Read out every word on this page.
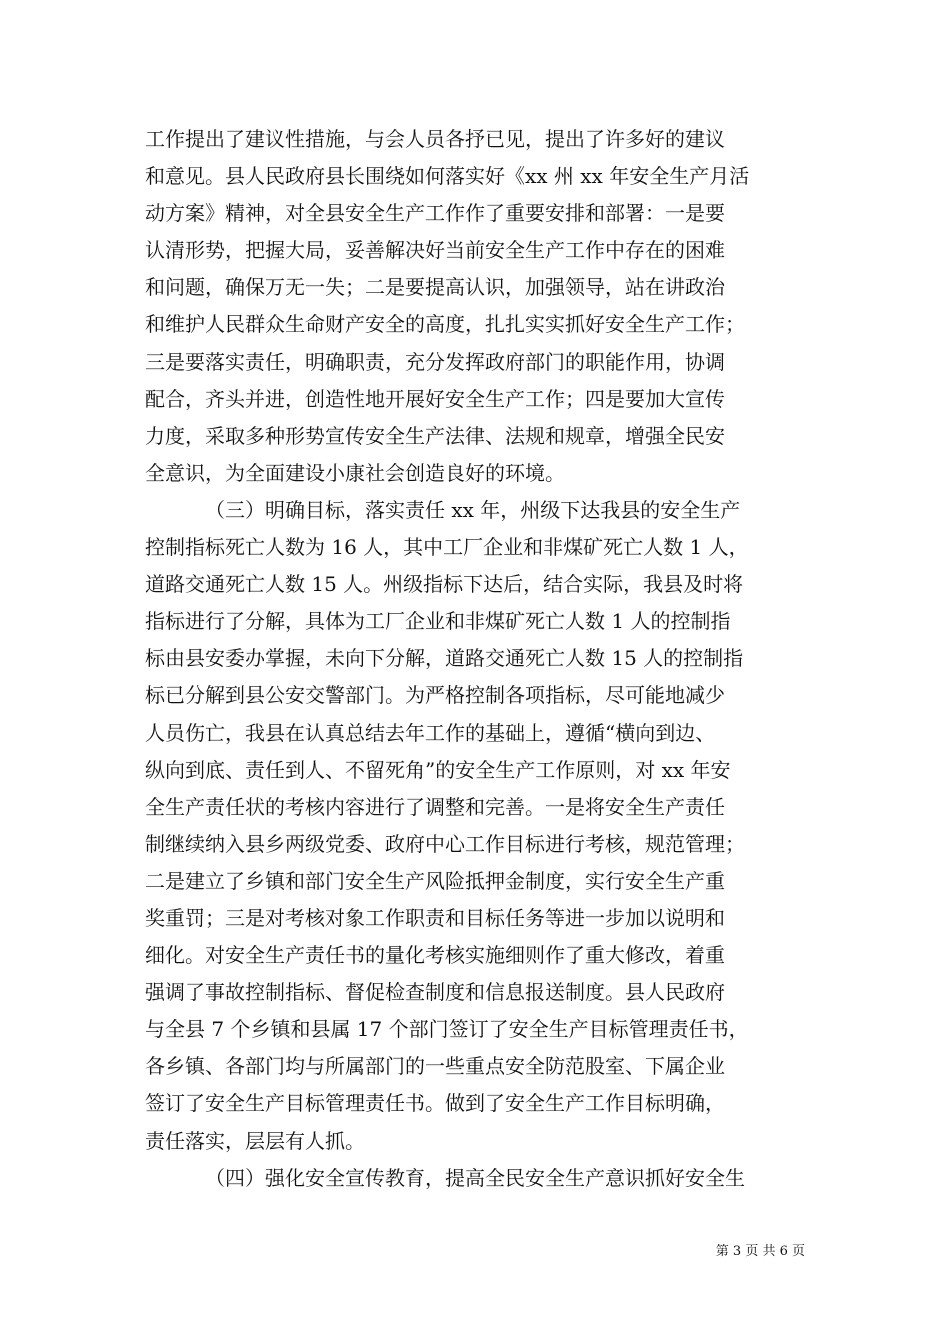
工作提出了建议性措施，与会人员各抒已见，提出了许多好的建议
和意见。县人民政府县长围绕如何落实好《xx 州 xx 年安全生产月活
动方案》精神，对全县安全生产工作作了重要安排和部署：一是要
认清形势，把握大局，妥善解决好当前安全生产工作中存在的困难
和问题，确保万无一失；二是要提高认识，加强领导，站在讲政治
和维护人民群众生命财产安全的高度，扎扎实实抓好安全生产工作；
三是要落实责任，明确职责，充分发挥政府部门的职能作用，协调
配合，齐头并进，创造性地开展好安全生产工作；四是要加大宣传
力度，采取多种形势宣传安全生产法律、法规和规章，增强全民安
全意识，为全面建设小康社会创造良好的环境。
（三）明确目标，落实责任 xx 年，州级下达我县的安全生产
控制指标死亡人数为 16 人，其中工厂企业和非煤矿死亡人数 1 人，
道路交通死亡人数 15 人。州级指标下达后，结合实际，我县及时将
指标进行了分解，具体为工厂企业和非煤矿死亡人数 1 人的控制指
标由县安委办掌握，未向下分解，道路交通死亡人数 15 人的控制指
标已分解到县公安交警部门。为严格控制各项指标，尽可能地减少
人员伤亡，我县在认真总结去年工作的基础上，遵循“横向到边、
纵向到底、责任到人、不留死角”的安全生产工作原则，对 xx 年安
全生产责任状的考核内容进行了调整和完善。一是将安全生产责任
制继续纳入县乡两级党委、政府中心工作目标进行考核，规范管理；
二是建立了乡镇和部门安全生产风险抵押金制度，实行安全生产重
奖重罚；三是对考核对象工作职责和目标任务等进一步加以说明和
细化。对安全生产责任书的量化考核实施细则作了重大修改，着重
强调了事故控制指标、督促检查制度和信息报送制度。县人民政府
与全县 7 个乡镇和县属 17 个部门签订了安全生产目标管理责任书，
各乡镇、各部门均与所属部门的一些重点安全防范股室、下属企业
签订了安全生产目标管理责任书。做到了安全生产工作目标明确，
责任落实，层层有人抓。
（四）强化安全宣传教育，提高全民安全生产意识抓好安全生
第 3 页 共 6 页
